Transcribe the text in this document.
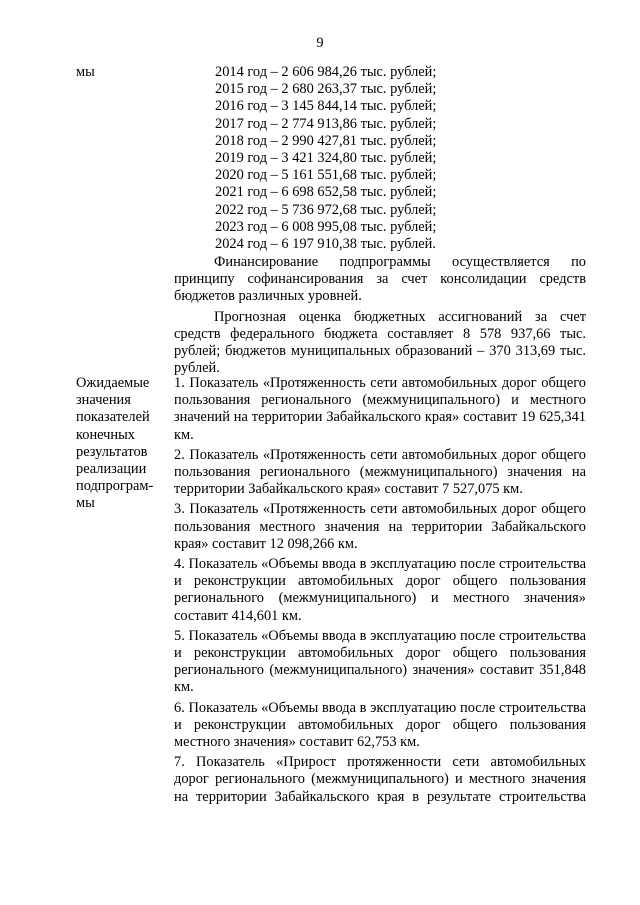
9
мы	2014 год – 2 606 984,26 тыс. рублей;
2015 год – 2 680 263,37 тыс. рублей;
2016 год – 3 145 844,14 тыс. рублей;
2017 год – 2 774 913,86 тыс. рублей;
2018 год – 2 990 427,81 тыс. рублей;
2019 год – 3 421 324,80 тыс. рублей;
2020 год – 5 161 551,68 тыс. рублей;
2021 год – 6 698 652,58 тыс. рублей;
2022 год – 5 736 972,68 тыс. рублей;
2023 год – 6 008 995,08 тыс. рублей;
2024 год – 6 197 910,38 тыс. рублей.

Финансирование подпрограммы осуществляется по принципу софинансирования за счет консолидации средств бюджетов различных уровней.

Прогнозная оценка бюджетных ассигнований за счет средств федерального бюджета составляет 8 578 937,66 тыс. рублей; бюджетов муниципальных образований – 370 313,69 тыс. рублей.

Ожидаемые
значения
показателей
конечных
результатов
реализации
подпрограм-
мы

1. Показатель «Протяженность сети автомобильных дорог общего пользования регионального (межмуниципального) и местного значений на территории Забайкальского края» составит 19 625,341 км.

2. Показатель «Протяженность сети автомобильных дорог общего пользования регионального (межмуниципального) значения на территории Забайкальского края» составит 7 527,075 км.

3. Показатель «Протяженность сети автомобильных дорог общего пользования местного значения на территории Забайкальского края» составит 12 098,266 км.

4. Показатель «Объемы ввода в эксплуатацию после строительства и реконструкции автомобильных дорог общего пользования регионального (межмуниципального) и местного значения» составит 414,601 км.

5. Показатель «Объемы ввода в эксплуатацию после строительства и реконструкции автомобильных дорог общего пользования регионального (межмуниципального) значения» составит 351,848 км.

6. Показатель «Объемы ввода в эксплуатацию после строительства и реконструкции автомобильных дорог общего пользования местного значения» составит 62,753 км.

7. Показатель «Прирост протяженности сети автомобильных дорог регионального (межмуниципального) и местного значения на территории Забайкальского края в результате строительства
